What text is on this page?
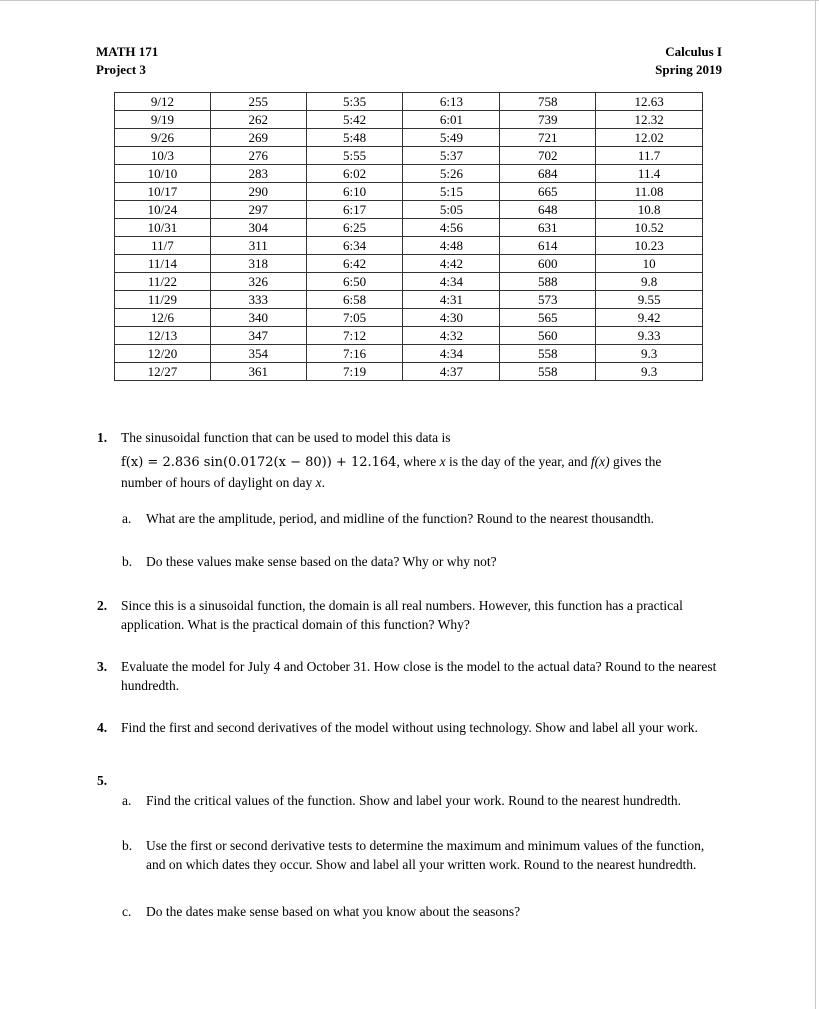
MATH 171
Project 3
Calculus I
Spring 2019
9/12	255	5:35	6:13	758	12.63
9/19	262	5:42	6:01	739	12.32
9/26	269	5:48	5:49	721	12.02
10/3	276	5:55	5:37	702	11.7
10/10	283	6:02	5:26	684	11.4
10/17	290	6:10	5:15	665	11.08
10/24	297	6:17	5:05	648	10.8
10/31	304	6:25	4:56	631	10.52
11/7	311	6:34	4:48	614	10.23
11/14	318	6:42	4:42	600	10
11/22	326	6:50	4:34	588	9.8
11/29	333	6:58	4:31	573	9.55
12/6	340	7:05	4:30	565	9.42
12/13	347	7:12	4:32	560	9.33
12/20	354	7:16	4:34	558	9.3
12/27	361	7:19	4:37	558	9.3
1. The sinusoidal function that can be used to model this data is
f(x) = 2.836 sin(0.0172(x − 80)) + 12.164, where x is the day of the year, and f(x) gives the
number of hours of daylight on day x.
a. What are the amplitude, period, and midline of the function? Round to the nearest thousandth.
b. Do these values make sense based on the data? Why or why not?
2. Since this is a sinusoidal function, the domain is all real numbers. However, this function has a practical application. What is the practical domain of this function? Why?
3. Evaluate the model for July 4 and October 31. How close is the model to the actual data? Round to the nearest hundredth.
4. Find the first and second derivatives of the model without using technology. Show and label all your work.
5.
a. Find the critical values of the function. Show and label your work. Round to the nearest hundredth.
b. Use the first or second derivative tests to determine the maximum and minimum values of the function, and on which dates they occur. Show and label all your written work. Round to the nearest hundredth.
c. Do the dates make sense based on what you know about the seasons?
